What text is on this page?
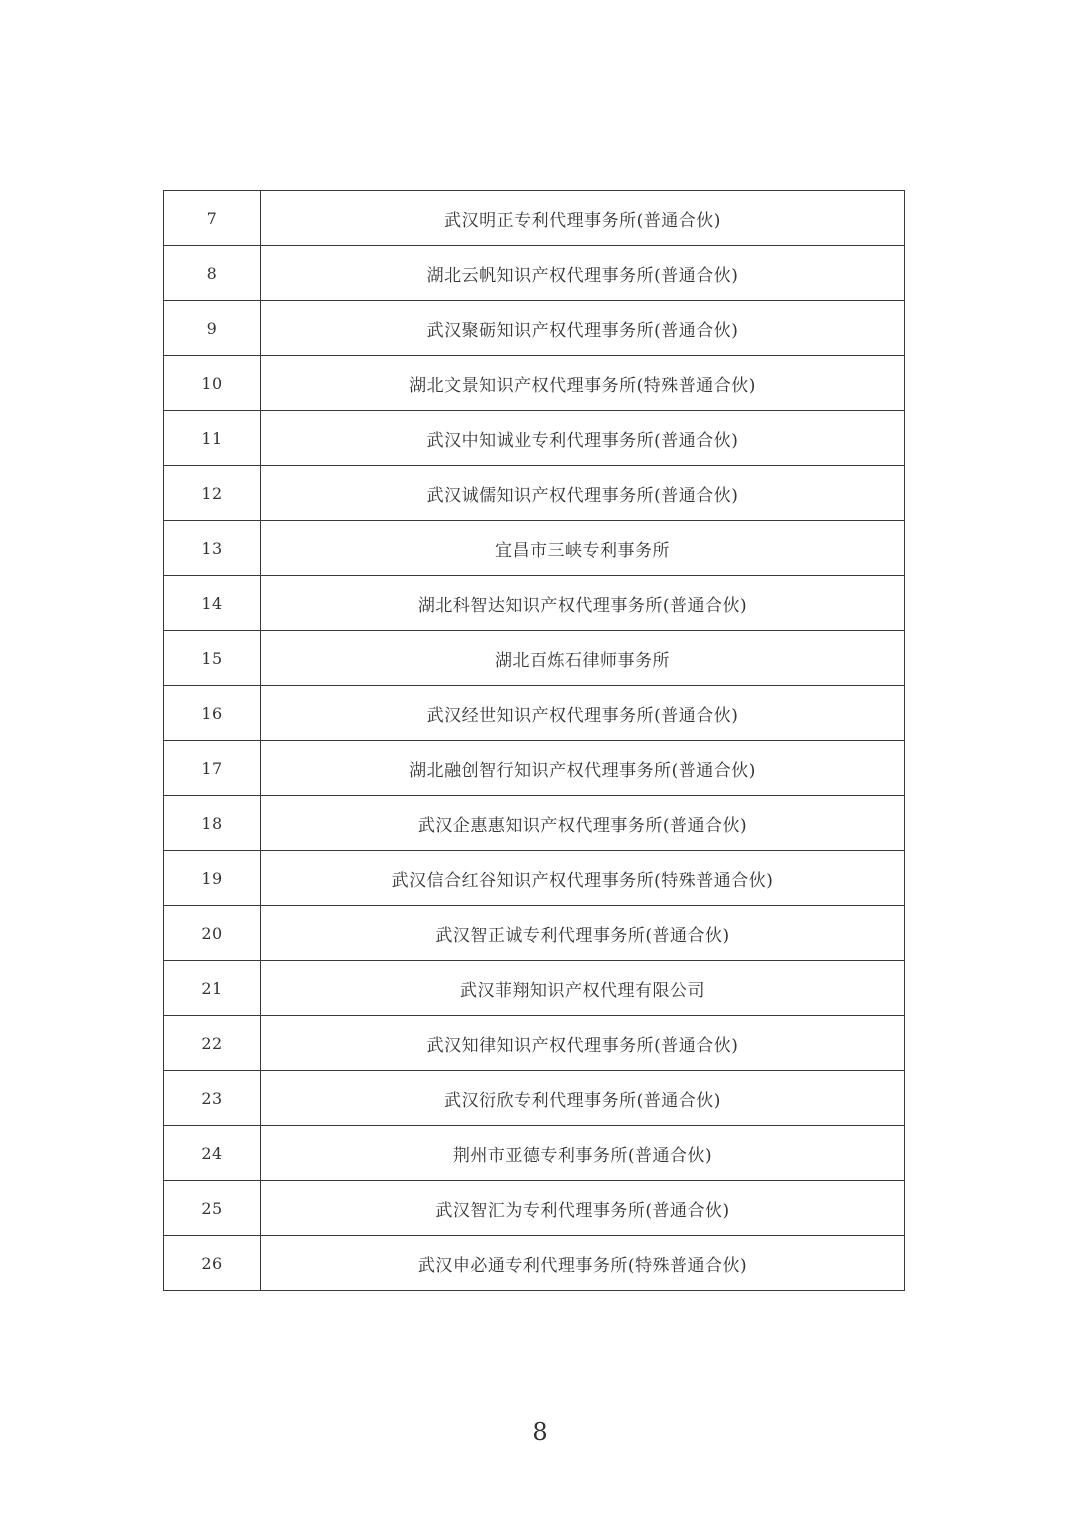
7	武汉明正专利代理事务所(普通合伙)
8	湖北云帆知识产权代理事务所(普通合伙)
9	武汉聚砺知识产权代理事务所(普通合伙)
10	湖北文景知识产权代理事务所(特殊普通合伙)
11	武汉中知诚业专利代理事务所(普通合伙)
12	武汉诚儒知识产权代理事务所(普通合伙)
13	宜昌市三峡专利事务所
14	湖北科智达知识产权代理事务所(普通合伙)
15	湖北百炼石律师事务所
16	武汉经世知识产权代理事务所(普通合伙)
17	湖北融创智行知识产权代理事务所(普通合伙)
18	武汉企惠惠知识产权代理事务所(普通合伙)
19	武汉信合红谷知识产权代理事务所(特殊普通合伙)
20	武汉智正诚专利代理事务所(普通合伙)
21	武汉菲翔知识产权代理有限公司
22	武汉知律知识产权代理事务所(普通合伙)
23	武汉衍欣专利代理事务所(普通合伙)
24	荆州市亚德专利事务所(普通合伙)
25	武汉智汇为专利代理事务所(普通合伙)
26	武汉申必通专利代理事务所(特殊普通合伙)
8
